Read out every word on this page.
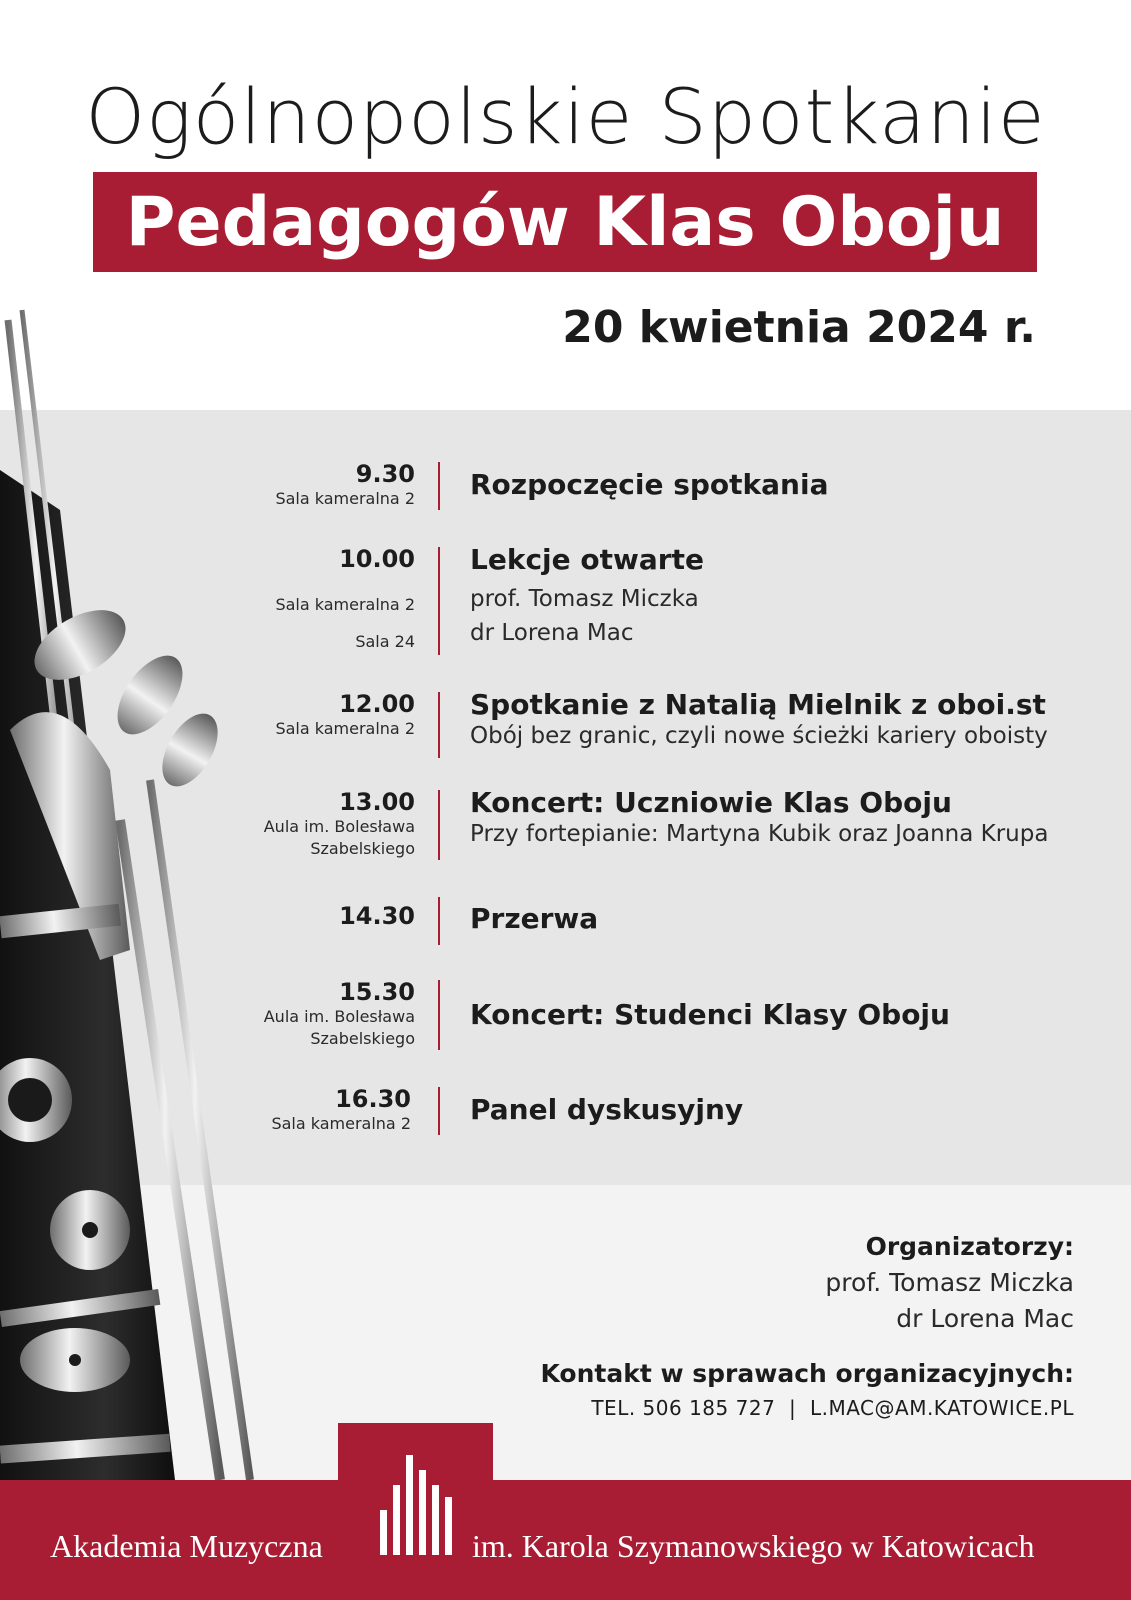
Ogólnopolskie Spotkanie
Pedagogów Klas Oboju
20 kwietnia 2024 r.
9.30
Sala kameralna 2 Rozpoczęcie spotkania
10.00
Sala kameralna 2
Sala 24
Lekcje otwarte
prof. Tomasz Miczka
dr Lorena Mac
12.00
Sala kameralna 2
Spotkanie z Natalią Mielnik z oboi.st
Obój bez granic, czyli nowe ścieżki kariery oboisty
13.00
Aula im. Bolesława
Szabelskiego
Koncert: Uczniowie Klas Oboju
Przy fortepianie: Martyna Kubik oraz Joanna Krupa
14.30 Przerwa
15.30
Aula im. Bolesława
Szabelskiego
Koncert: Studenci Klasy Oboju
16.30
Sala kameralna 2 Panel dyskusyjny
Organizatorzy:
prof. Tomasz Miczka
dr Lorena Mac
Kontakt w sprawach organizacyjnych:
TEL. 506 185 727  |  L.MAC@AM.KATOWICE.PL
Akademia Muzyczna	im. Karola Szymanowskiego w Katowicach
